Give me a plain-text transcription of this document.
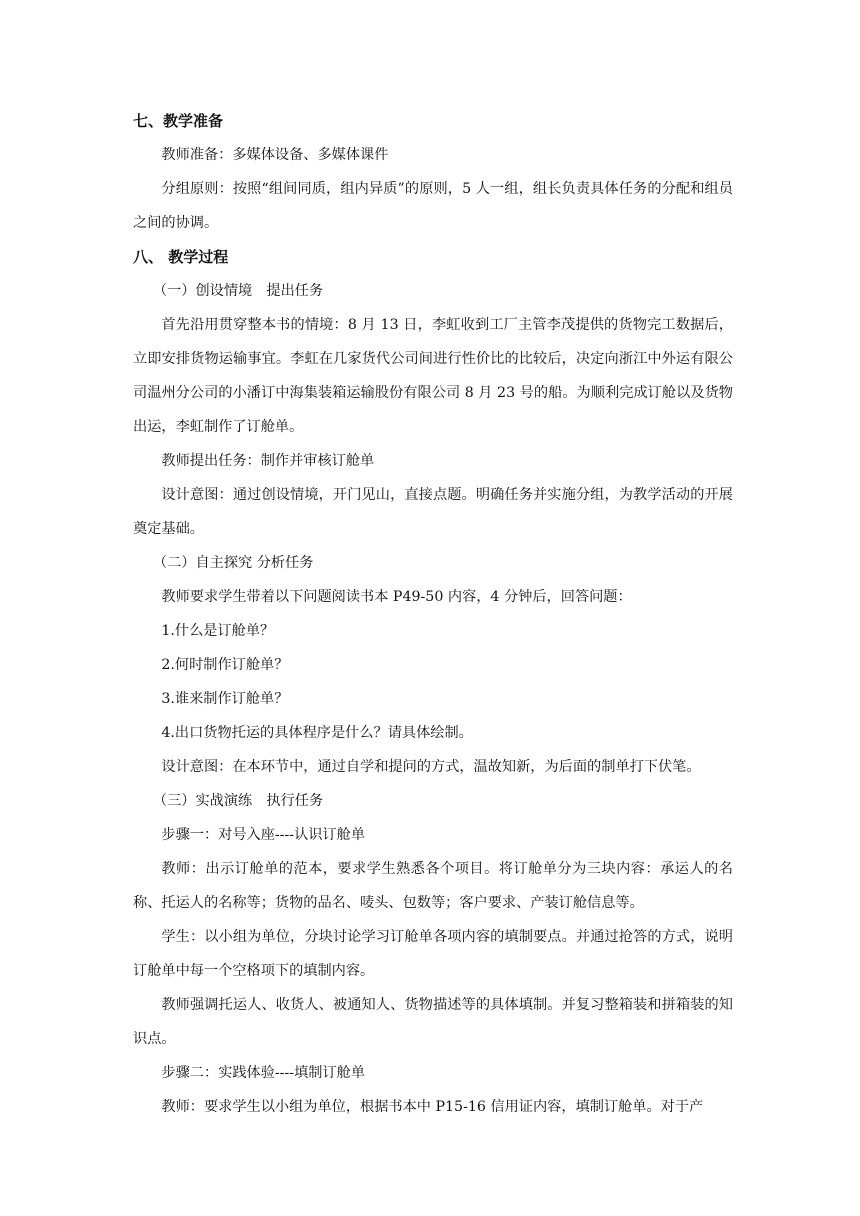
七、教学准备

教师准备：多媒体设备、多媒体课件

分组原则：按照“组间同质，组内异质”的原则，5 人一组，组长负责具体任务的分配和组员之间的协调。

八、 教学过程

（一）创设情境　提出任务

首先沿用贯穿整本书的情境：8 月 13 日，李虹收到工厂主管李茂提供的货物完工数据后，立即安排货物运输事宜。李虹在几家货代公司间进行性价比的比较后，决定向浙江中外运有限公司温州分公司的小潘订中海集装箱运输股份有限公司 8 月 23 号的船。为顺利完成订舱以及货物出运，李虹制作了订舱单。

教师提出任务：制作并审核订舱单

设计意图：通过创设情境，开门见山，直接点题。明确任务并实施分组，为教学活动的开展奠定基础。

（二）自主探究 分析任务

教师要求学生带着以下问题阅读书本 P49-50 内容，4 分钟后，回答问题：

1.什么是订舱单？

2.何时制作订舱单？

3.谁来制作订舱单？

4.出口货物托运的具体程序是什么？请具体绘制。

设计意图：在本环节中，通过自学和提问的方式，温故知新，为后面的制单打下伏笔。

（三）实战演练　执行任务

步骤一：对号入座----认识订舱单

教师：出示订舱单的范本，要求学生熟悉各个项目。将订舱单分为三块内容：承运人的名称、托运人的名称等；货物的品名、唛头、包数等；客户要求、产装订舱信息等。

学生：以小组为单位，分块讨论学习订舱单各项内容的填制要点。并通过抢答的方式，说明订舱单中每一个空格项下的填制内容。

教师强调托运人、收货人、被通知人、货物描述等的具体填制。并复习整箱装和拼箱装的知识点。

步骤二：实践体验----填制订舱单

教师：要求学生以小组为单位，根据书本中 P15-16 信用证内容，填制订舱单。对于产
